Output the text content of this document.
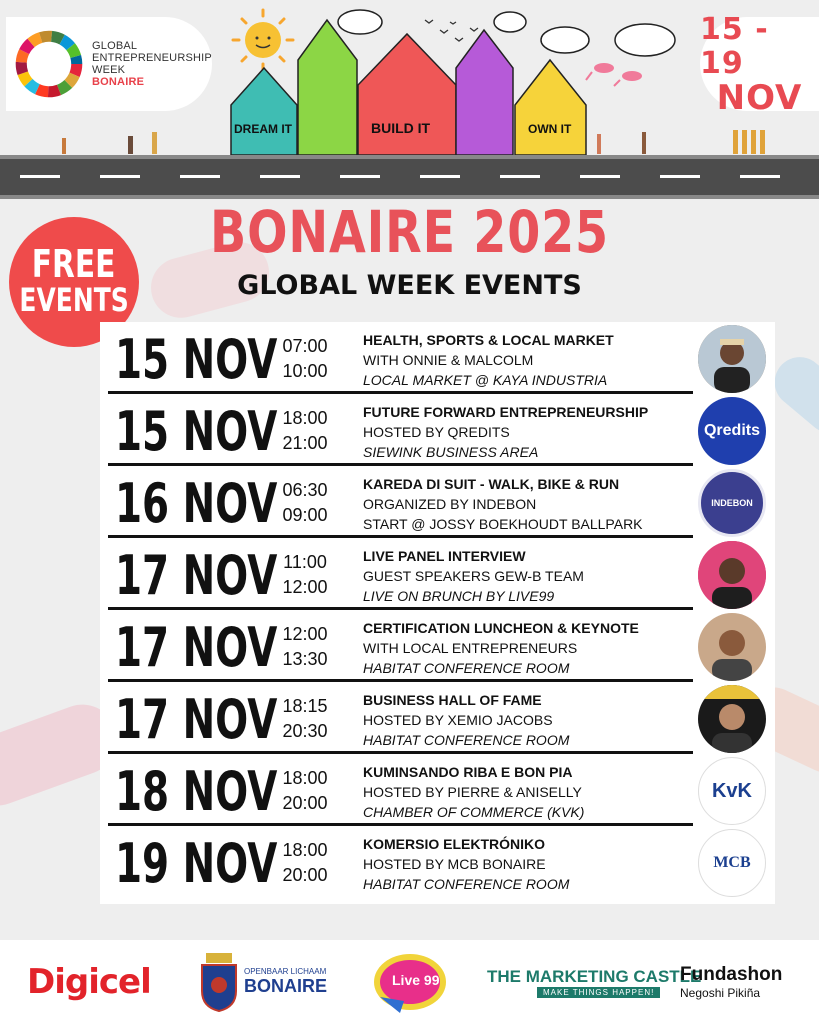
DREAM IT	BUILD IT	OWN IT
GLOBAL
ENTREPRENEURSHIP
WEEK
BONAIRE
15 - 19
NOV
BONAIRE 2025
GLOBAL WEEK EVENTS
FREE
EVENTS
15 NOV 07:00
10:00
HEALTH, SPORTS & LOCAL MARKET
WITH ONNIE & MALCOLM
LOCAL MARKET @ KAYA INDUSTRIA
15 NOV 18:00
21:00
FUTURE FORWARD ENTREPRENEURSHIP
HOSTED BY QREDITS
SIEWINK BUSINESS AREA
Qredits
16 NOV 06:30
09:00
KAREDA DI SUIT - WALK, BIKE & RUN
ORGANIZED BY INDEBON
START @ JOSSY BOEKHOUDT BALLPARK
INDEBON
17 NOV 11:00
12:00
LIVE PANEL INTERVIEW
GUEST SPEAKERS GEW-B TEAM
LIVE ON BRUNCH BY LIVE99
17 NOV 12:00
13:30
CERTIFICATION LUNCHEON & KEYNOTE
WITH LOCAL ENTREPRENEURS
HABITAT CONFERENCE ROOM
17 NOV 18:15
20:30
BUSINESS HALL OF FAME
HOSTED BY XEMIO JACOBS
HABITAT CONFERENCE ROOM
18 NOV 18:00
20:00
KUMINSANDO RIBA E BON PIA
HOSTED BY PIERRE & ANISELLY
CHAMBER OF COMMERCE (KVK)
KvK
19 NOV 18:00
20:00
KOMERSIO ELEKTRÓNIKO
HOSTED BY MCB BONAIRE
HABITAT CONFERENCE ROOM
MCB
Digicel	OPENBAAR LICHAAM
BONAIRE	Live 99	THE MARKETING CASTLE
MAKE THINGS HAPPEN!
Fundashon
Negoshi Pikiña
